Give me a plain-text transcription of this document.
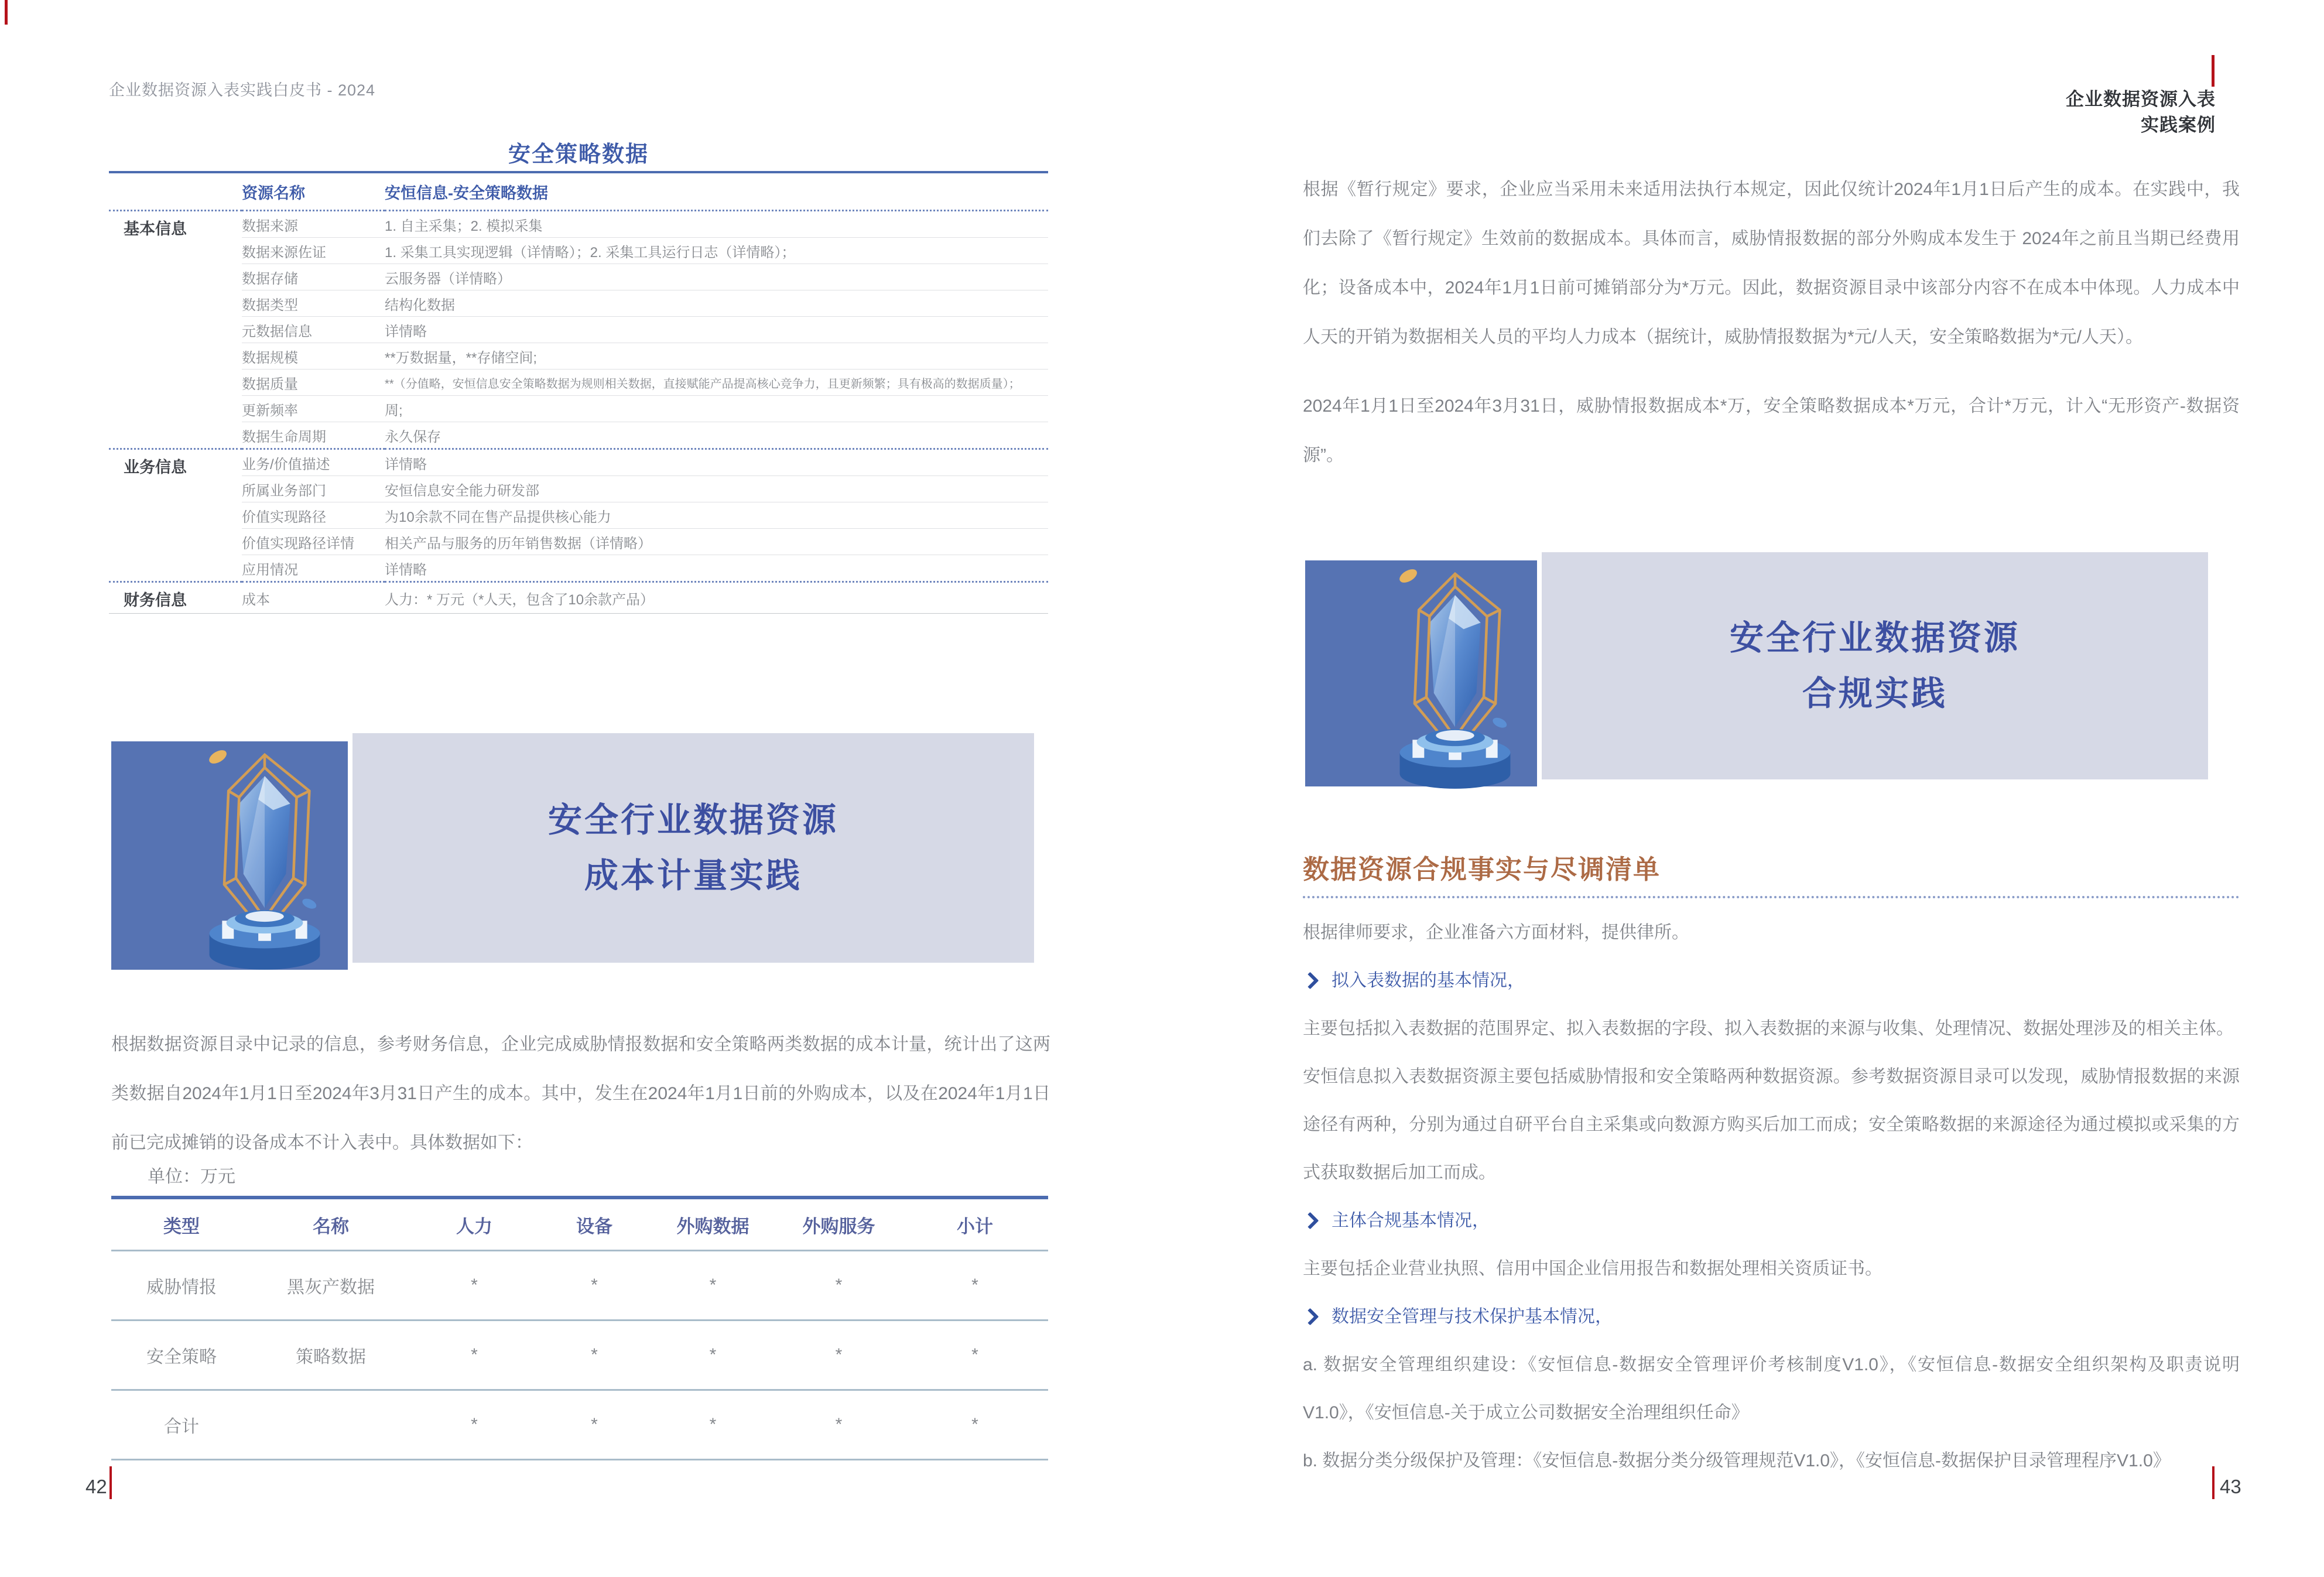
企业数据资源入表实践白皮书 - 2024
安全策略数据
	资源名称	安恒信息-安全策略数据
基本信息	数据来源	1. 自主采集；2. 模拟采集
	数据来源佐证	1. 采集工具实现逻辑（详情略）；2. 采集工具运行日志（详情略）；
	数据存储	云服务器（详情略）
	数据类型	结构化数据
	元数据信息	详情略
	数据规模	**万数据量，**存储空间;
	数据质量	**（分值略，安恒信息安全策略数据为规则相关数据，直接赋能产品提高核心竞争力，且更新频繁；具有极高的数据质量）；
	更新频率	周;
	数据生命周期	永久保存
业务信息	业务/价值描述	详情略
	所属业务部门	安恒信息安全能力研发部
	价值实现路径	为10余款不同在售产品提供核心能力
	价值实现路径详情	相关产品与服务的历年销售数据（详情略）
	应用情况	详情略
财务信息	成本	人力：* 万元（*人天，包含了10余款产品）
安全行业数据资源
成本计量实践
根据数据资源目录中记录的信息，参考财务信息，企业完成威胁情报数据和安全策略两类数据的成本计量，统计出了这两类数据自2024年1月1日至2024年3月31日产生的成本。其中，发生在2024年1月1日前的外购成本，以及在2024年1月1日前已完成摊销的设备成本不计入表中。具体数据如下：
单位：万元
类型	名称	人力	设备	外购数据	外购服务	小计
威胁情报	黑灰产数据	*	*	*	*	*
安全策略	策略数据	*	*	*	*	*
合计		*	*	*	*	*
42
企业数据资源入表
实践案例

根据《暂行规定》要求，企业应当采用未来适用法执行本规定，因此仅统计2024年1月1日后产生的成本。在实践中，我们去除了《暂行规定》生效前的数据成本。具体而言，威胁情报数据的部分外购成本发生于 2024年之前且当期已经费用化；设备成本中，2024年1月1日前可摊销部分为*万元。因此，数据资源目录中该部分内容不在成本中体现。人力成本中人天的开销为数据相关人员的平均人力成本（据统计，威胁情报数据为*元/人天，安全策略数据为*元/人天）。

2024年1月1日至2024年3月31日，威胁情报数据成本*万，安全策略数据成本*万元，合计*万元，计入“无形资产-数据资源”。

安全行业数据资源
合规实践
数据资源合规事实与尽调清单

根据律师要求，企业准备六方面材料，提供律所。

拟入表数据的基本情况，

主要包括拟入表数据的范围界定、拟入表数据的字段、拟入表数据的来源与收集、处理情况、数据处理涉及的相关主体。

安恒信息拟入表数据资源主要包括威胁情报和安全策略两种数据资源。参考数据资源目录可以发现，威胁情报数据的来源途径有两种，分别为通过自研平台自主采集或向数源方购买后加工而成；安全策略数据的来源途径为通过模拟或采集的方式获取数据后加工而成。

主体合规基本情况，

主要包括企业营业执照、信用中国企业信用报告和数据处理相关资质证书。

数据安全管理与技术保护基本情况，

a. 数据安全管理组织建设：《安恒信息-数据安全管理评价考核制度V1.0》，《安恒信息-数据安全组织架构及职责说明V1.0》，《安恒信息-关于成立公司数据安全治理组织任命》

b. 数据分类分级保护及管理：《安恒信息-数据分类分级管理规范V1.0》，《安恒信息-数据保护目录管理程序V1.0》

43
